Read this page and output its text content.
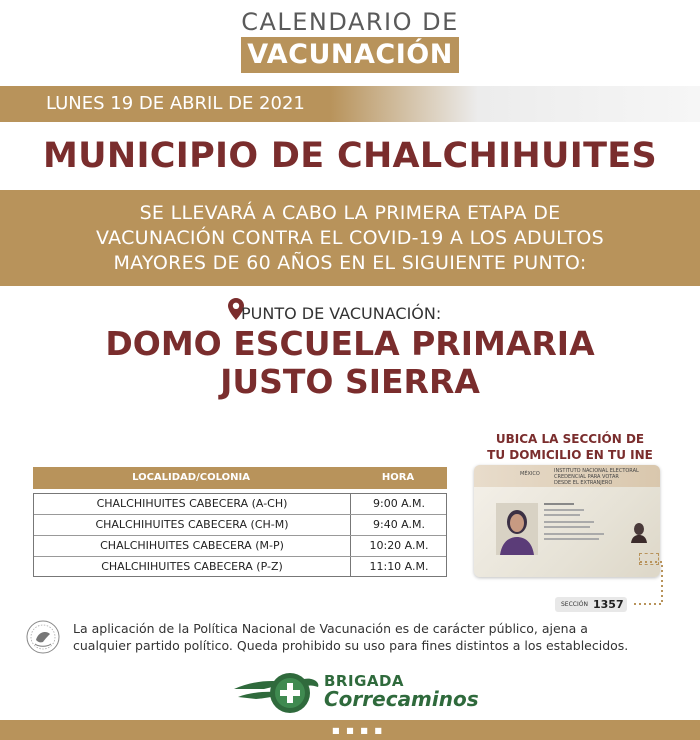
CALENDARIO DE
VACUNACIÓN
LUNES 19 DE ABRIL DE 2021
MUNICIPIO DE CHALCHIHUITES
SE LLEVARÁ A CABO LA PRIMERA ETAPA DE
VACUNACIÓN CONTRA EL COVID-19 A LOS ADULTOS
MAYORES DE 60 AÑOS EN EL SIGUIENTE PUNTO:
PUNTO DE VACUNACIÓN:
DOMO ESCUELA PRIMARIA
JUSTO SIERRA
LOCALIDAD/COLONIA	HORA
CHALCHIHUITES CABECERA (A-CH)	9:00 A.M.
CHALCHIHUITES CABECERA (CH-M)	9:40 A.M.
CHALCHIHUITES CABECERA (M-P)	10:20 A.M.
CHALCHIHUITES CABECERA (P-Z)	11:10 A.M.
UBICA LA SECCIÓN DE
TU DOMICILIO EN TU INE
MÉXICO	INSTITUTO NACIONAL ELECTORAL
CREDENCIAL PARA VOTAR
DESDE EL EXTRANJERO
SECCIÓN 1357
La aplicación de la Política Nacional de Vacunación es de carácter público, ajena a
cualquier partido político. Queda prohibido su uso para fines distintos a los establecidos.
BRIGADA
Correcaminos
■ ■ ■ ■
